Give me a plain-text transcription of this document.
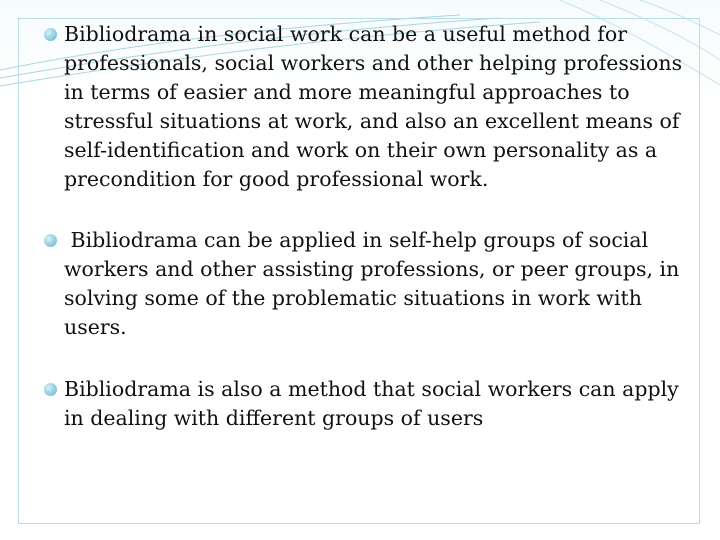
Bibliodrama in social work can be a useful method for professionals, social workers and other helping professions in terms of easier and more meaningful approaches to stressful situations at work, and also an excellent means of self-identification and work on their own personality as a precondition for good professional work.
Bibliodrama can be applied in self-help groups of social workers and other assisting professions, or peer groups, in solving some of the problematic situations in work with users.
Bibliodrama is also a method that social workers can apply in dealing with different groups of users
